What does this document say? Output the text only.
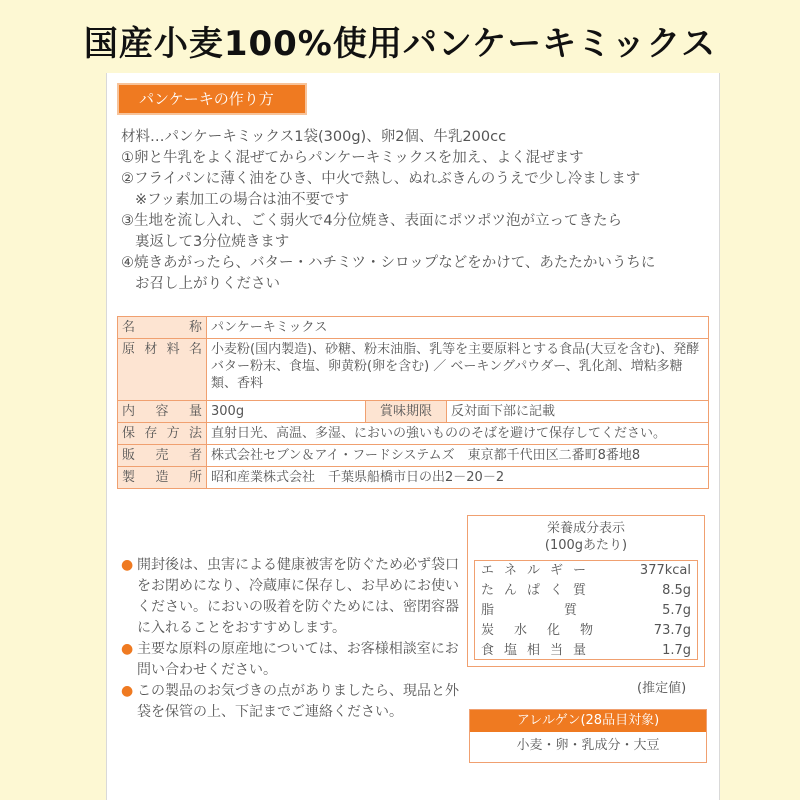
国産小麦100%使用パンケーキミックス
パンケーキの作り方
材料…パンケーキミックス1袋(300g)、卵2個、牛乳200cc
①卵と牛乳をよく混ぜてからパンケーキミックスを加え、よく混ぜます
②フライパンに薄く油をひき、中火で熱し、ぬれぶきんのうえで少し冷まします
※フッ素加工の場合は油不要です
③生地を流し入れ、ごく弱火で4分位焼き、表面にポツポツ泡が立ってきたら
裏返して3分位焼きます
④焼きあがったら、バター・ハチミツ・シロップなどをかけて、あたたかいうちに
お召し上がりください
名称	パンケーキミックス		
原材料名	小麦粉(国内製造)、砂糖、粉末油脂、乳等を主要原料とする食品(大豆を含む)、発酵バター粉末、食塩、卵黄粉(卵を含む) ／ ベーキングパウダー、乳化剤、増粘多糖類、香料		
内容量	300g	賞味期限	反対面下部に記載
保存方法	直射日光、高温、多湿、においの強いもののそばを避けて保存してください。		
販売者	株式会社セブン＆アイ・フードシステムズ　東京都千代田区二番町8番地8		
製造所	昭和産業株式会社　千葉県船橋市日の出2－20－2		
栄養成分表示
(100gあたり)
エネルギー	377kcal
たんぱく質	8.5g
脂質 5.7g
炭水化物	73.7g
食塩相当量	1.7g
(推定値)
アレルゲン(28品目対象)
小麦・卵・乳成分・大豆
● 開封後は、虫害による健康被害を防ぐため必ず袋口をお閉めになり、冷蔵庫に保存し、お早めにお使いください。においの吸着を防ぐためには、密閉容器に入れることをおすすめします。
● 主要な原料の原産地については、お客様相談室にお問い合わせください。
● この製品のお気づきの点がありましたら、現品と外袋を保管の上、下記までご連絡ください。
